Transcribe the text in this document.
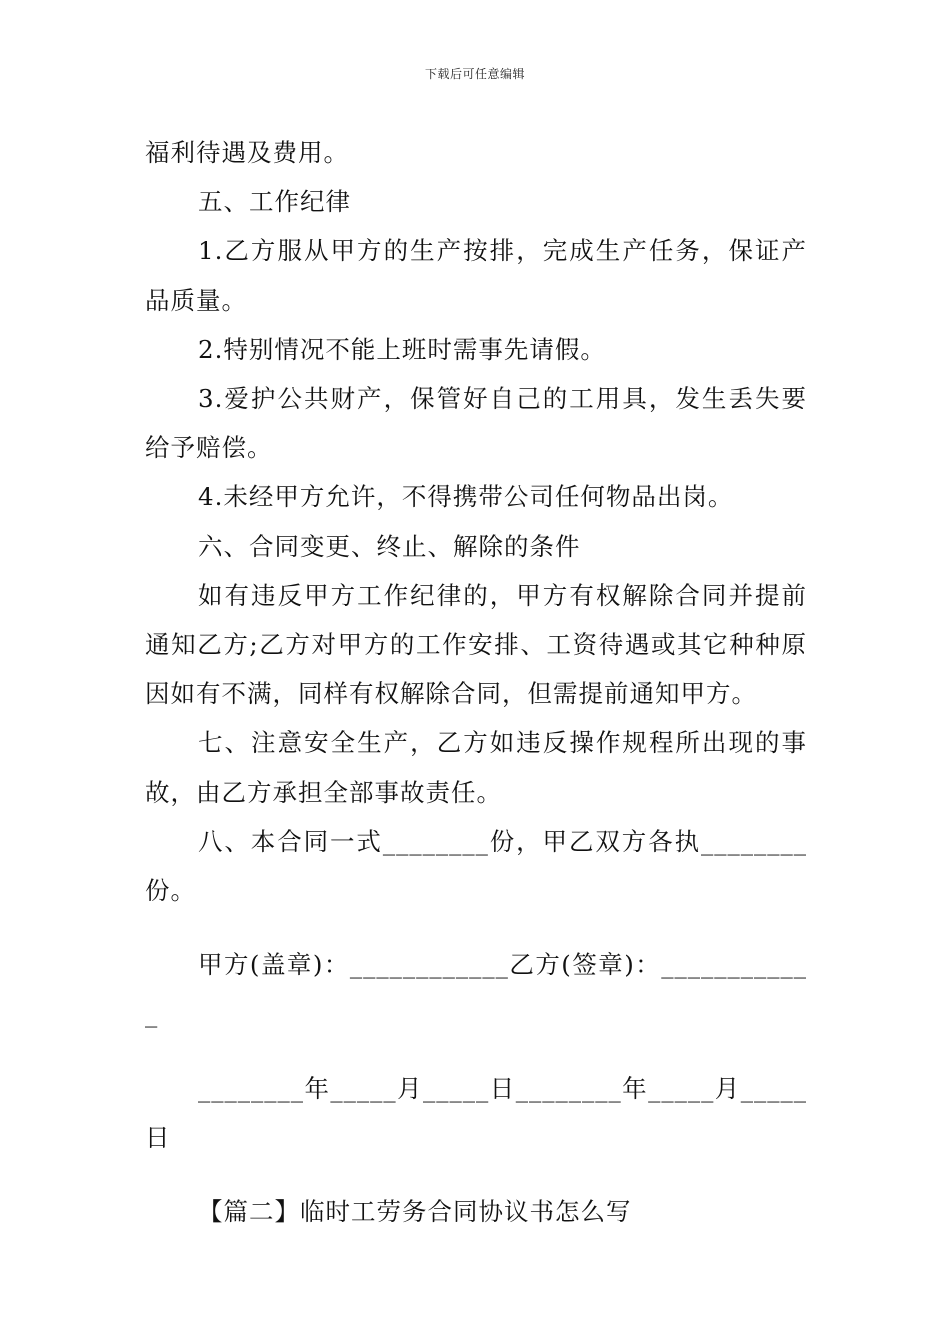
下载后可任意编辑

福利待遇及费用。

五、工作纪律

1.乙方服从甲方的生产按排，完成生产任务，保证产品质量。

2.特别情况不能上班时需事先请假。

3.爱护公共财产，保管好自己的工用具，发生丢失要给予赔偿。

4.未经甲方允许，不得携带公司任何物品出岗。

六、合同变更、终止、解除的条件

如有违反甲方工作纪律的，甲方有权解除合同并提前通知乙方;乙方对甲方的工作安排、工资待遇或其它种种原因如有不满，同样有权解除合同，但需提前通知甲方。

七、注意安全生产，乙方如违反操作规程所出现的事故，由乙方承担全部事故责任。

八、本合同一式________份，甲乙双方各执________份。

甲方(盖章)：____________乙方(签章)：____________

________年_____月_____日________年_____月_____日

【篇二】临时工劳务合同协议书怎么写
